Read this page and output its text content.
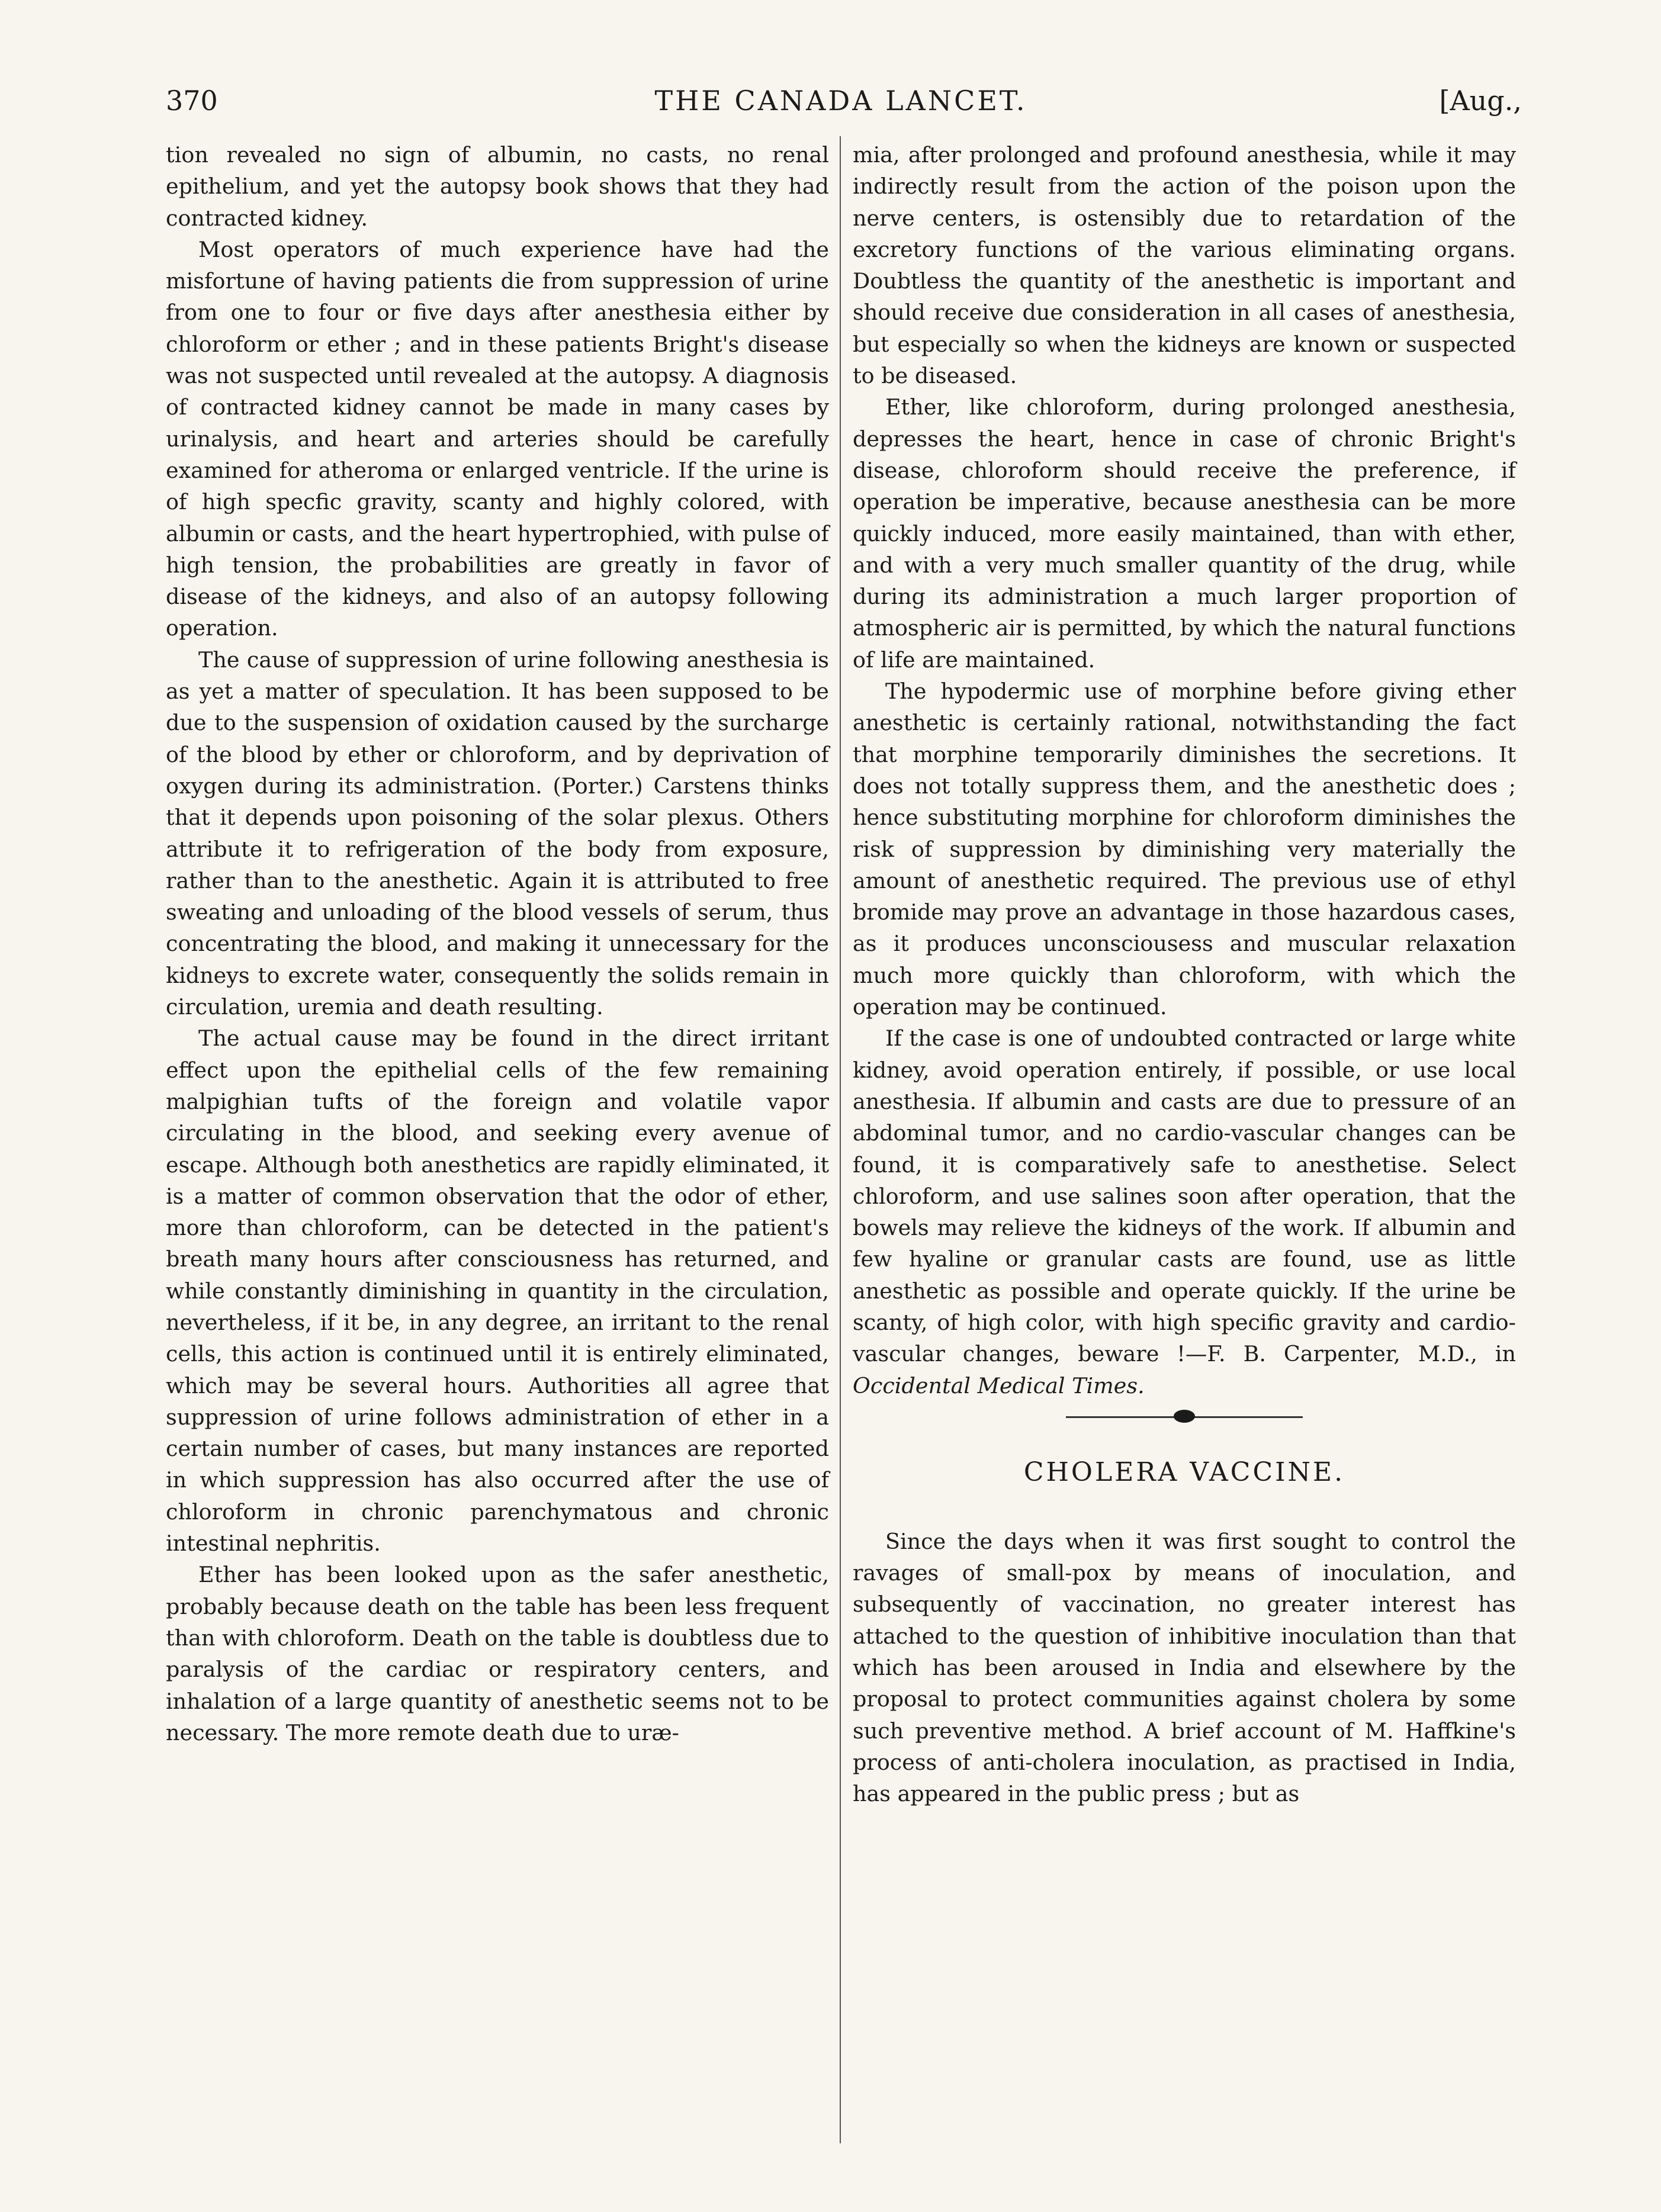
370	THE CANADA LANCET.	[Aug.,

tion revealed no sign of albumin, no casts, no renal epithelium, and yet the autopsy book shows that they had contracted kidney.

Most operators of much experience have had the misfortune of having patients die from suppression of urine from one to four or five days after anesthesia either by chloroform or ether ; and in these patients Bright's disease was not suspected until revealed at the autopsy. A diagnosis of contracted kidney cannot be made in many cases by urinalysis, and heart and arteries should be carefully examined for atheroma or enlarged ventricle. If the urine is of high specfic gravity, scanty and highly colored, with albumin or casts, and the heart hypertrophied, with pulse of high tension, the probabilities are greatly in favor of disease of the kidneys, and also of an autopsy following operation.

The cause of suppression of urine following anesthesia is as yet a matter of speculation. It has been supposed to be due to the suspension of oxidation caused by the surcharge of the blood by ether or chloroform, and by deprivation of oxygen during its administration. (Porter.) Carstens thinks that it depends upon poisoning of the solar plexus. Others attribute it to refrigeration of the body from exposure, rather than to the anesthetic. Again it is attributed to free sweating and unloading of the blood vessels of serum, thus concentrating the blood, and making it unnecessary for the kidneys to excrete water, consequently the solids remain in circulation, uremia and death resulting.

The actual cause may be found in the direct irritant effect upon the epithelial cells of the few remaining malpighian tufts of the foreign and volatile vapor circulating in the blood, and seeking every avenue of escape. Although both anesthetics are rapidly eliminated, it is a matter of common observation that the odor of ether, more than chloroform, can be detected in the patient's breath many hours after consciousness has returned, and while constantly diminishing in quantity in the circulation, nevertheless, if it be, in any degree, an irritant to the renal cells, this action is continued until it is entirely eliminated, which may be several hours. Authorities all agree that suppression of urine follows administration of ether in a certain number of cases, but many instances are reported in which suppression has also occurred after the use of chloroform in chronic parenchymatous and chronic intestinal nephritis.

Ether has been looked upon as the safer anesthetic, probably because death on the table has been less frequent than with chloroform. Death on the table is doubtless due to paralysis of the cardiac or respiratory centers, and inhalation of a large quantity of anesthetic seems not to be necessary. The more remote death due to uræ-

mia, after prolonged and profound anesthesia, while it may indirectly result from the action of the poison upon the nerve centers, is ostensibly due to retardation of the excretory functions of the various eliminating organs. Doubtless the quantity of the anesthetic is important and should receive due consideration in all cases of anesthesia, but especially so when the kidneys are known or suspected to be diseased.

Ether, like chloroform, during prolonged anesthesia, depresses the heart, hence in case of chronic Bright's disease, chloroform should receive the preference, if operation be imperative, because anesthesia can be more quickly induced, more easily maintained, than with ether, and with a very much smaller quantity of the drug, while during its administration a much larger proportion of atmospheric air is permitted, by which the natural functions of life are maintained.

The hypodermic use of morphine before giving ether anesthetic is certainly rational, notwithstanding the fact that morphine temporarily diminishes the secretions. It does not totally suppress them, and the anesthetic does ; hence substituting morphine for chloroform diminishes the risk of suppression by diminishing very materially the amount of anesthetic required. The previous use of ethyl bromide may prove an advantage in those hazardous cases, as it produces unconsciousess and muscular relaxation much more quickly than chloroform, with which the operation may be continued.

If the case is one of undoubted contracted or large white kidney, avoid operation entirely, if possible, or use local anesthesia. If albumin and casts are due to pressure of an abdominal tumor, and no cardio-vascular changes can be found, it is comparatively safe to anesthetise. Select chloroform, and use salines soon after operation, that the bowels may relieve the kidneys of the work. If albumin and few hyaline or granular casts are found, use as little anesthetic as possible and operate quickly. If the urine be scanty, of high color, with high specific gravity and cardio-vascular changes, beware !—F. B. Carpenter, M.D., in Occidental Medical Times.

CHOLERA VACCINE.

Since the days when it was first sought to control the ravages of small-pox by means of inoculation, and subsequently of vaccination, no greater interest has attached to the question of inhibitive inoculation than that which has been aroused in India and elsewhere by the proposal to protect communities against cholera by some such preventive method. A brief account of M. Haffkine's process of anti-cholera inoculation, as practised in India, has appeared in the public press ; but as
